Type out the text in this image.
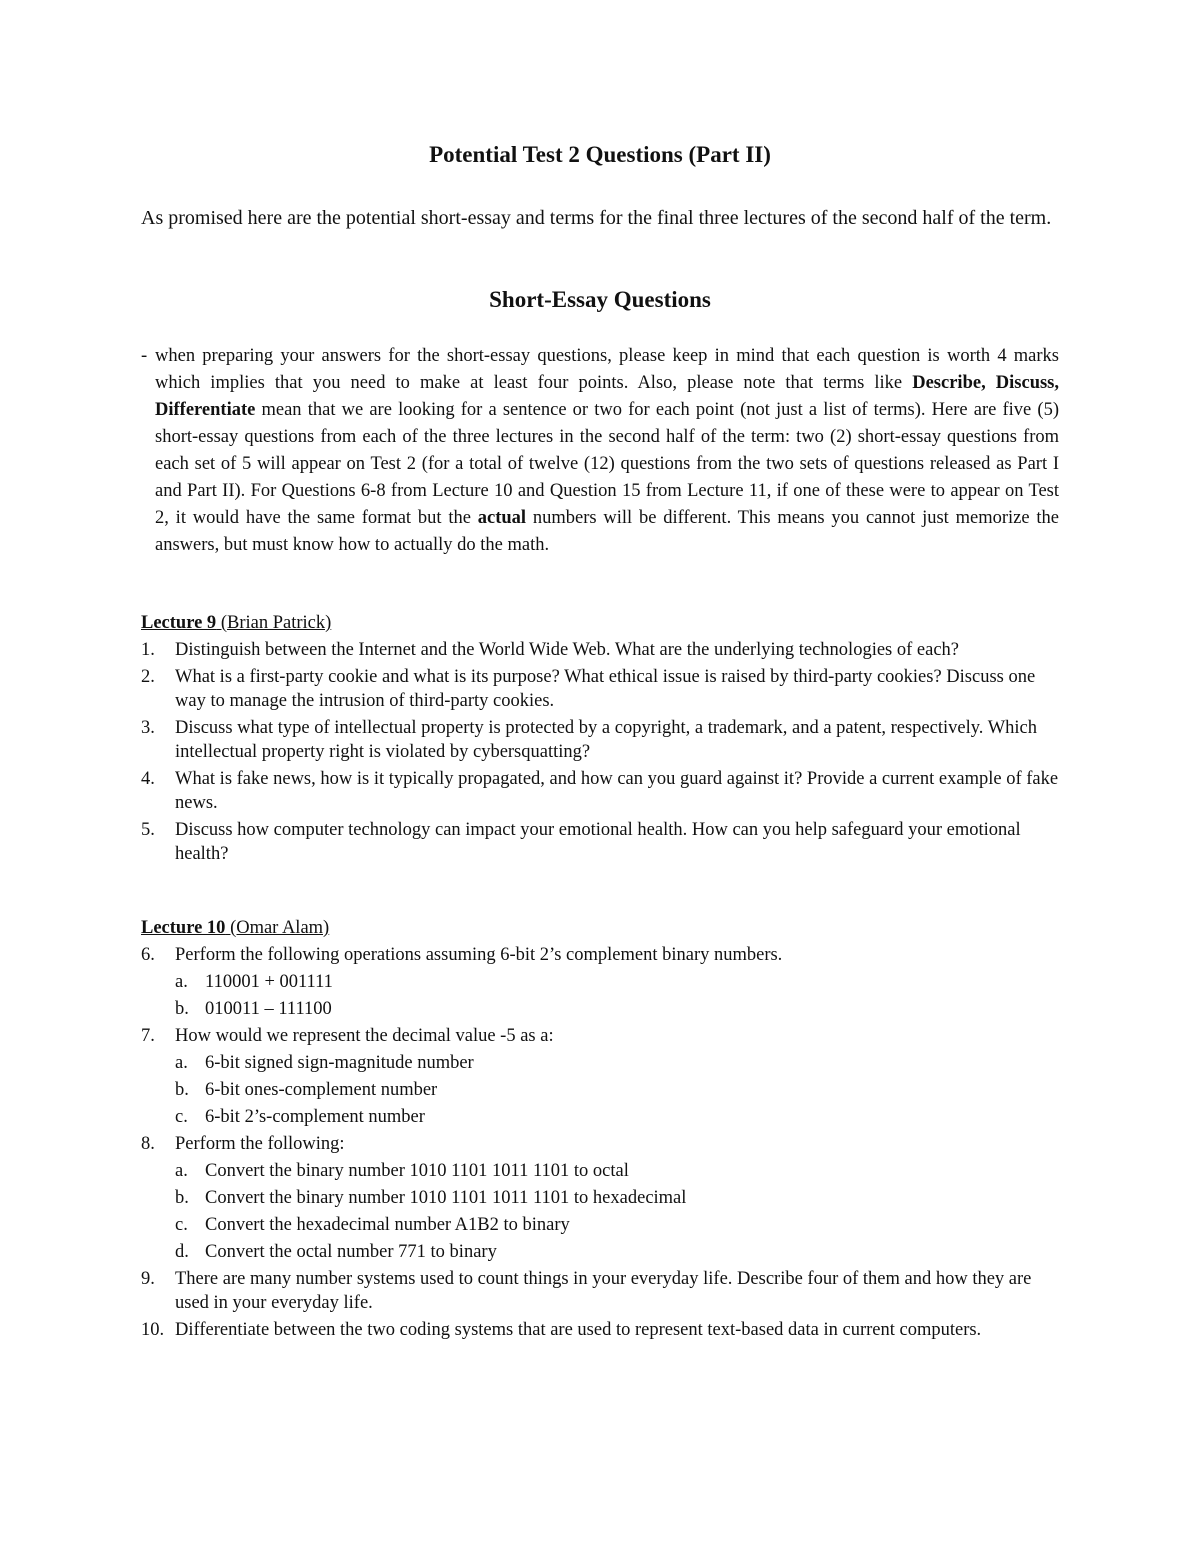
Potential Test 2 Questions (Part II)

As promised here are the potential short-essay and terms for the final three lectures of the second half of the term.

Short-Essay Questions

- when preparing your answers for the short-essay questions, please keep in mind that each question is worth 4 marks which implies that you need to make at least four points. Also, please note that terms like Describe, Discuss, Differentiate mean that we are looking for a sentence or two for each point (not just a list of terms). Here are five (5) short-essay questions from each of the three lectures in the second half of the term: two (2) short-essay questions from each set of 5 will appear on Test 2 (for a total of twelve (12) questions from the two sets of questions released as Part I and Part II). For Questions 6-8 from Lecture 10 and Question 15 from Lecture 11, if one of these were to appear on Test 2, it would have the same format but the actual numbers will be different. This means you cannot just memorize the answers, but must know how to actually do the math.

Lecture 9 (Brian Patrick)
1. Distinguish between the Internet and the World Wide Web. What are the underlying technologies of each?
2. What is a first-party cookie and what is its purpose? What ethical issue is raised by third-party cookies? Discuss one way to manage the intrusion of third-party cookies.
3. Discuss what type of intellectual property is protected by a copyright, a trademark, and a patent, respectively. Which intellectual property right is violated by cybersquatting?
4. What is fake news, how is it typically propagated, and how can you guard against it? Provide a current example of fake news.
5. Discuss how computer technology can impact your emotional health. How can you help safeguard your emotional health?
Lecture 10 (Omar Alam)
6. Perform the following operations assuming 6-bit 2’s complement binary numbers.
a. 110001 + 001111
b. 010011 – 111100
7. How would we represent the decimal value -5 as a:
a. 6-bit signed sign-magnitude number
b. 6-bit ones-complement number
c. 6-bit 2’s-complement number
8. Perform the following:
a. Convert the binary number 1010 1101 1011 1101 to octal
b. Convert the binary number 1010 1101 1011 1101 to hexadecimal
c. Convert the hexadecimal number A1B2 to binary
d. Convert the octal number 771 to binary
9. There are many number systems used to count things in your everyday life. Describe four of them and how they are used in your everyday life.
10. Differentiate between the two coding systems that are used to represent text-based data in current computers.
